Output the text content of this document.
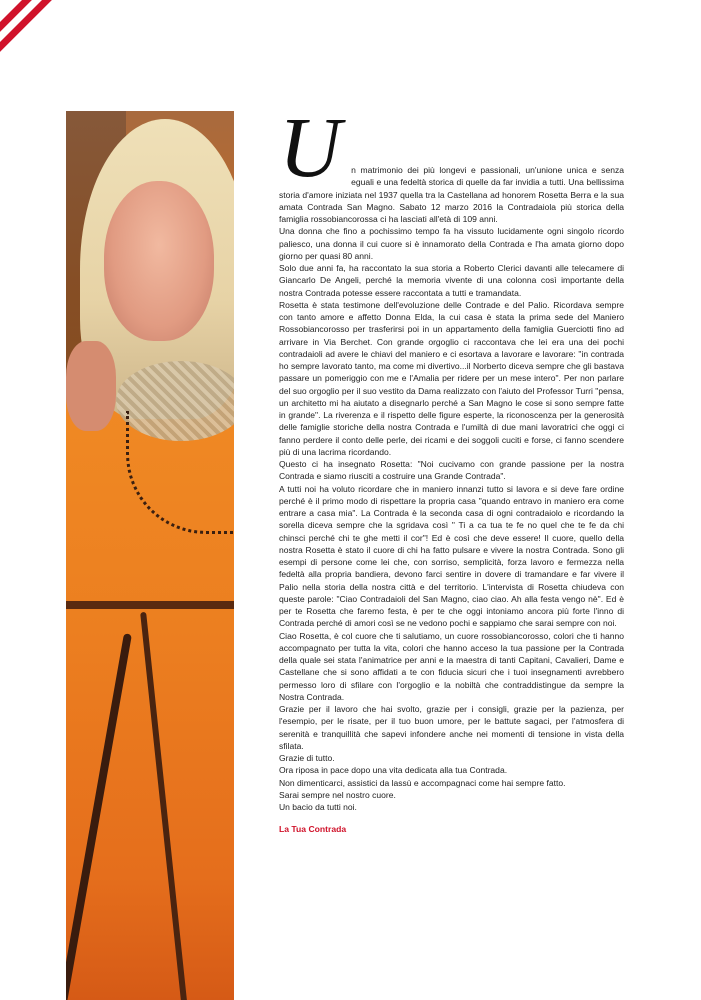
U	n matrimonio dei più longevi e passionali, un'unione unica e senza eguali e una fedeltà storica di quelle da far invidia a tutti. Una bellissima storia d'amore iniziata nel 1937 quella tra la Castellana ad honorem Rosetta Berra e la sua amata Contrada San Magno. Sabato 12 marzo 2016 la Contradaiola più storica della famiglia rossobiancorossa ci ha lasciati all'età di 109 anni.

Una donna che fino a pochissimo tempo fa ha vissuto lucidamente ogni singolo ricordo paliesco, una donna il cui cuore si è innamorato della Contrada e l'ha amata giorno dopo giorno per quasi 80 anni.

Solo due anni fa, ha raccontato la sua storia a Roberto Clerici davanti alle telecamere di Giancarlo De Angeli, perché la memoria vivente di una colonna così importante della nostra Contrada potesse essere raccontata a tutti e tramandata.

Rosetta è stata testimone dell'evoluzione delle Contrade e del Palio. Ricordava sempre con tanto amore e affetto Donna Elda, la cui casa è stata la prima sede del Maniero Rossobiancorosso per trasferirsi poi in un appartamento della famiglia Guerciotti fino ad arrivare in Via Berchet. Con grande orgoglio ci raccontava che lei era una dei pochi contradaioli ad avere le chiavi del maniero e ci esortava a lavorare e lavorare: "in contrada ho sempre lavorato tanto, ma come mi divertivo...il Norberto diceva sempre che gli bastava passare un pomeriggio con me e l'Amalia per ridere per un mese intero". Per non parlare del suo orgoglio per il suo vestito da Dama realizzato con l'aiuto del Professor Turri "pensa, un architetto mi ha aiutato a disegnarlo perché a San Magno le cose si sono sempre fatte in grande". La riverenza e il rispetto delle figure esperte, la riconoscenza per la generosità delle famiglie storiche della nostra Contrada e l'umiltà di due mani lavoratrici che oggi ci fanno perdere il conto delle perle, dei ricami e dei soggoli cuciti e forse, ci fanno scendere più di una lacrima ricordando.

Questo ci ha insegnato Rosetta: "Noi cucivamo con grande passione per la nostra Contrada e siamo riusciti a costruire una Grande Contrada".

A tutti noi ha voluto ricordare che in maniero innanzi tutto si lavora e si deve fare ordine perché è il primo modo di rispettare la propria casa "quando entravo in maniero era come entrare a casa mia". La Contrada è la seconda casa di ogni contradaiolo e ricordando la sorella diceva sempre che la sgridava così " Ti a ca tua te fe no quel che te fe da chi chinsci perché chi te ghe metti il cor"! Ed è così che deve essere! Il cuore, quello della nostra Rosetta è stato il cuore di chi ha fatto pulsare e vivere la nostra Contrada. Sono gli esempi di persone come lei che, con sorriso, semplicità, forza lavoro e fermezza nella fedeltà alla propria bandiera, devono farci sentire in dovere di tramandare e far vivere il Palio nella storia della nostra città e del territorio. L'intervista di Rosetta chiudeva con queste parole: "Ciao Contradaioli del San Magno, ciao ciao. Ah alla festa vengo nè". Ed è per te Rosetta che faremo festa, è per te che oggi intoniamo ancora più forte l'inno di Contrada perché di amori così se ne vedono pochi e sappiamo che sarai sempre con noi.

Ciao Rosetta, è col cuore che ti salutiamo, un cuore rossobiancorosso, colori che ti hanno accompagnato per tutta la vita, colori che hanno acceso la tua passione per la Contrada della quale sei stata l'animatrice per anni e la maestra di tanti Capitani, Cavalieri, Dame e Castellane che si sono affidati a te con fiducia sicuri che i tuoi insegnamenti avrebbero permesso loro di sfilare con l'orgoglio e la nobiltà che contraddistingue da sempre la Nostra Contrada.

Grazie per il lavoro che hai svolto, grazie per i consigli, grazie per la pazienza, per l'esempio, per le risate, per il tuo buon umore, per le battute sagaci, per l'atmosfera di serenità e tranquillità che sapevi infondere anche nei momenti di tensione in vista della sfilata.

Grazie di tutto.

Ora riposa in pace dopo una vita dedicata alla tua Contrada.

Non dimenticarci, assistici da lassù e accompagnaci come hai sempre fatto.

Sarai sempre nel nostro cuore.

Un bacio da tutti noi.

La Tua Contrada
